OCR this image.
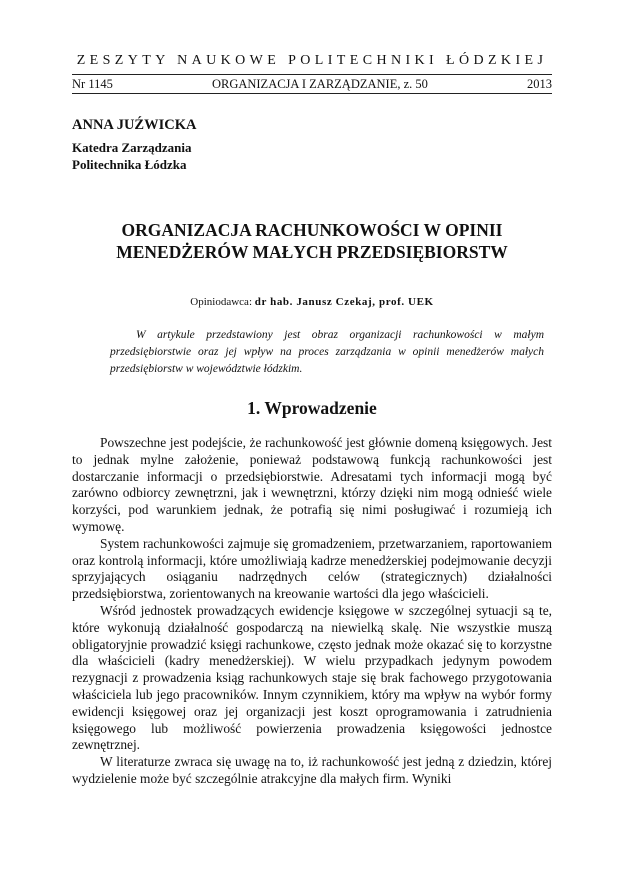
ZESZYTY NAUKOWE POLITECHNIKI ŁÓDZKIEJ
Nr 1145	ORGANIZACJA I ZARZĄDZANIE, z. 50	2013
ANNA JUŹWICKA
Katedra Zarządzania
Politechnika Łódzka
ORGANIZACJA RACHUNKOWOŚCI W OPINII
MENEDŻERÓW MAŁYCH PRZEDSIĘBIORSTW
Opiniodawca: dr hab. Janusz Czekaj, prof. UEK
W artykule przedstawiony jest obraz organizacji rachunkowości w małym przedsiębiorstwie oraz jej wpływ na proces zarządzania w opinii menedżerów małych przedsiębiorstw w województwie łódzkim.
1. Wprowadzenie

Powszechne jest podejście, że rachunkowość jest głównie domeną księgowych. Jest to jednak mylne założenie, ponieważ podstawową funkcją rachunkowości jest dostarczanie informacji o przedsiębiorstwie. Adresatami tych informacji mogą być zarówno odbiorcy zewnętrzni, jak i wewnętrzni, którzy dzięki nim mogą odnieść wiele korzyści, pod warunkiem jednak, że potrafią się nimi posługiwać i rozumieją ich wymowę.

System rachunkowości zajmuje się gromadzeniem, przetwarzaniem, raportowaniem oraz kontrolą informacji, które umożliwiają kadrze menedżerskiej podejmowanie decyzji sprzyjających osiąganiu nadrzędnych celów (strategicznych) działalności przedsiębiorstwa, zorientowanych na kreowanie wartości dla jego właścicieli.

Wśród jednostek prowadzących ewidencje księgowe w szczególnej sytuacji są te, które wykonują działalność gospodarczą na niewielką skalę. Nie wszystkie muszą obligatoryjnie prowadzić księgi rachunkowe, często jednak może okazać się to korzystne dla właścicieli (kadry menedżerskiej). W wielu przypadkach jedynym powodem rezygnacji z prowadzenia ksiąg rachunkowych staje się brak fachowego przygotowania właściciela lub jego pracowników. Innym czynnikiem, który ma wpływ na wybór formy ewidencji księgowej oraz jej organizacji jest koszt oprogramowania i zatrudnienia księgowego lub możliwość powierzenia prowadzenia księgowości jednostce zewnętrznej.

W literaturze zwraca się uwagę na to, iż rachunkowość jest jedną z dziedzin, której wydzielenie może być szczególnie atrakcyjne dla małych firm. Wyniki
